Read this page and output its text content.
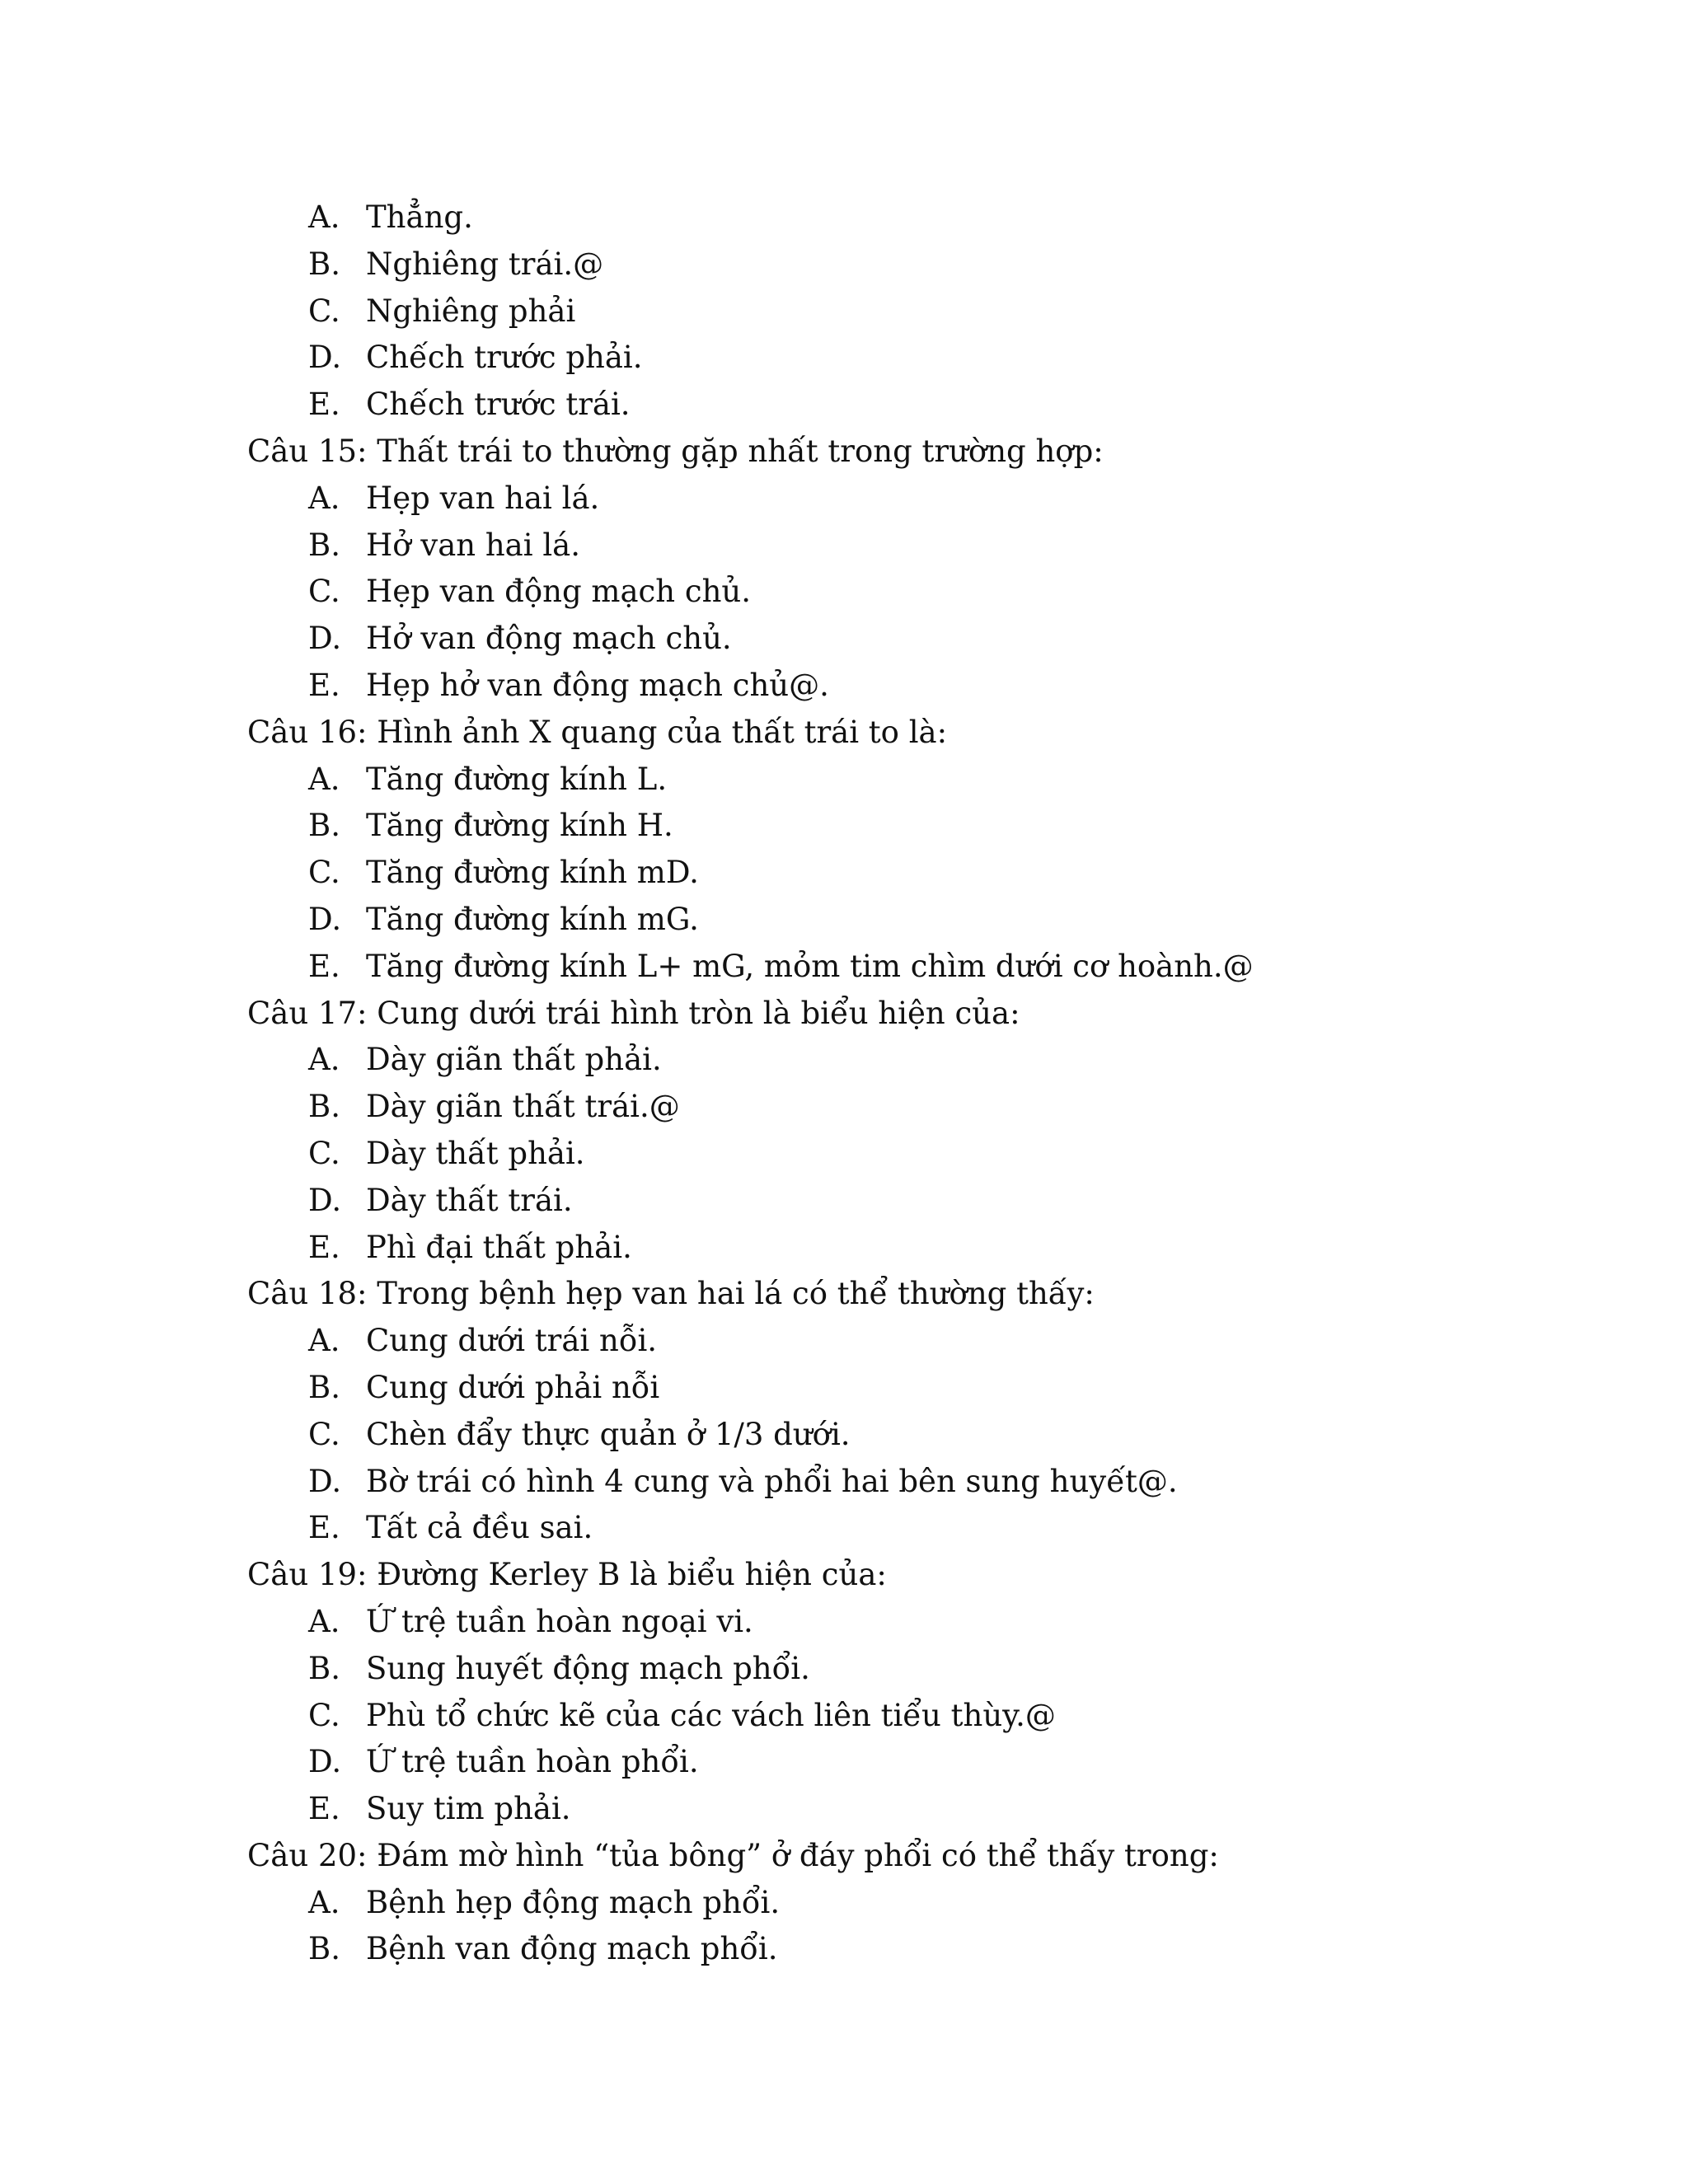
A. Thẳng.
B. Nghiêng trái.@
C. Nghiêng phải
D. Chếch trước phải.
E. Chếch trước trái.
Câu 15: Thất trái to thường gặp nhất trong trường hợp:
A. Hẹp van hai lá.
B. Hở van hai lá.
C. Hẹp van động mạch chủ.
D. Hở van động mạch chủ.
E. Hẹp hở van động mạch chủ@.
Câu 16: Hình ảnh X quang của thất trái to là:
A. Tăng đường kính L.
B. Tăng đường kính H.
C. Tăng đường kính mD.
D. Tăng đường kính mG.
E. Tăng đường kính L+ mG, mỏm tim chìm dưới cơ hoành.@
Câu 17: Cung dưới trái hình tròn là biểu hiện của:
A. Dày giãn thất phải.
B. Dày giãn thất trái.@
C. Dày thất phải.
D. Dày thất trái.
E. Phì đại thất phải.
Câu 18: Trong bệnh hẹp van hai lá có thể thường thấy:
A. Cung dưới trái nỗi.
B. Cung dưới phải nỗi
C. Chèn đẩy thực quản ở 1/3 dưới.
D. Bờ trái có hình 4 cung và phổi hai bên sung huyết@.
E. Tất cả đều sai.
Câu 19: Đường Kerley B là biểu hiện của:
A. Ứ trệ tuần hoàn ngoại vi.
B. Sung huyết động mạch phổi.
C. Phù tổ chức kẽ của các vách liên tiểu thùy.@
D. Ứ trệ tuần hoàn phổi.
E. Suy tim phải.
Câu 20: Đám mờ hình “tủa bông” ở đáy phổi có thể thấy trong:
A. Bệnh hẹp động mạch phổi.
B. Bệnh van động mạch phổi.
